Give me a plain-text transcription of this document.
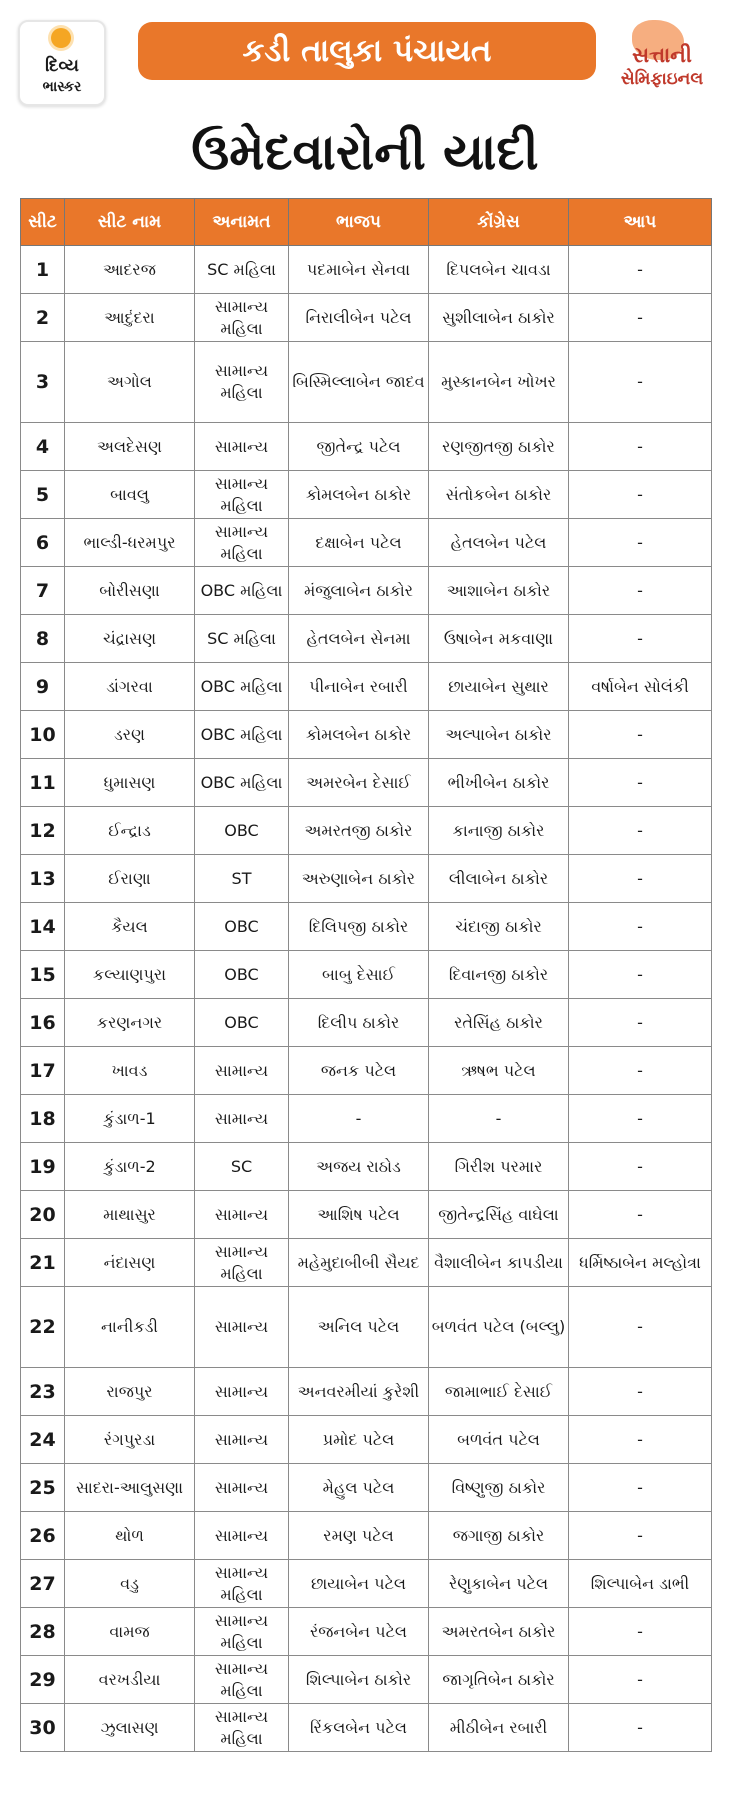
દિવ્ય
ભાસ્કર
કડી તાલુકા પંચાયત	સત્તાની
સેમિફાઇનલ
ઉમેદવારોની યાદી
સીટ	સીટ નામ	અનામત	ભાજપ	કોંગ્રેસ	આપ
1	આદરજ	SC મહિલા	પદમાબેન સેનવા	દિપલબેન ચાવડા	-
2	આદુંદરા	સામાન્ય મહિલા	નિરાલીબેન પટેલ	સુશીલાબેન ઠાકોર	-
3	અગોલ	સામાન્ય મહિલા	બિસ્મિલ્લાબેન જાદવ	મુસ્કાનબેન ખોખર	-
4	અલદેસણ	સામાન્ય	જીતેન્દ્ર પટેલ	રણજીતજી ઠાકોર	-
5	બાવલુ	સામાન્ય મહિલા	કોમલબેન ઠાકોર	સંતોકબેન ઠાકોર	-
6	ભાલ્ડી-ધરમપુર	સામાન્ય મહિલા	દક્ષાબેન પટેલ	હેતલબેન પટેલ	-
7	બોરીસણા	OBC મહિલા	મંજુલાબેન ઠાકોર	આશાબેન ઠાકોર	-
8	ચંદ્રાસણ	SC મહિલા	હેતલબેન સેનમા	ઉષાબેન મકવાણા	-
9	ડાંગરવા	OBC મહિલા	પીનાબેન રબારી	છાયાબેન સુથાર	વર્ષાબેન સોલંકી
10	ડરણ	OBC મહિલા	કોમલબેન ઠાકોર	અલ્પાબેન ઠાકોર	-
11	ધુમાસણ	OBC મહિલા	અમરબેન દેસાઈ	ભીખીબેન ઠાકોર	-
12	ઈન્દ્રાડ	OBC	અમરતજી ઠાકોર	કાનાજી ઠાકોર	-
13	ઈરાણા	ST	અરુણાબેન ઠાકોર	લીલાબેન ઠાકોર	-
14	કૈયલ	OBC	દિલિપજી ઠાકોર	ચંદાજી ઠાકોર	-
15	કલ્યાણપુરા	OBC	બાબુ દેસાઈ	દિવાનજી ઠાકોર	-
16	કરણનગર	OBC	દિલીપ ઠાકોર	રતેસિંહ ઠાકોર	-
17	ખાવડ	સામાન્ય	જનક પટેલ	ઋષભ પટેલ	-
18	કુંડાળ-1	સામાન્ય	-	-	-
19	કુંડાળ-2	SC	અજય રાઠોડ	ગિરીશ પરમાર	-
20	માથાસુર	સામાન્ય	આશિષ પટેલ	જીતેન્દ્રસિંહ વાઘેલા	-
21	નંદાસણ	સામાન્ય મહિલા	મહેમુદાબીબી સૈયદ	વૈશાલીબેન કાપડીયા	ધર્મિષ્ઠાબેન મલ્હોત્રા
22	નાનીકડી	સામાન્ય	અનિલ પટેલ	બળવંત પટેલ (બલ્લુ)	-
23	રાજપુર	સામાન્ય	અનવરમીયાં કુરેશી	જામાભાઈ દેસાઈ	-
24	રંગપુરડા	સામાન્ય	પ્રમોદ પટેલ	બળવંત પટેલ	-
25	સાદરા-આલુસણા	સામાન્ય	મેહુલ પટેલ	વિષ્ણુજી ઠાકોર	-
26	થોળ	સામાન્ય	રમણ પટેલ	જગાજી ઠાકોર	-
27	વડુ	સામાન્ય મહિલા	છાયાબેન પટેલ	રેણુકાબેન પટેલ	શિલ્પાબેન ડાભી
28	વામજ	સામાન્ય મહિલા	રંજનબેન પટેલ	અમરતબેન ઠાકોર	-
29	વરખડીયા	સામાન્ય મહિલા	શિલ્પાબેન ઠાકોર	જાગૃતિબેન ઠાકોર	-
30	ઝુલાસણ	સામાન્ય મહિલા	રિંકલબેન પટેલ	મીઠીબેન રબારી	-
